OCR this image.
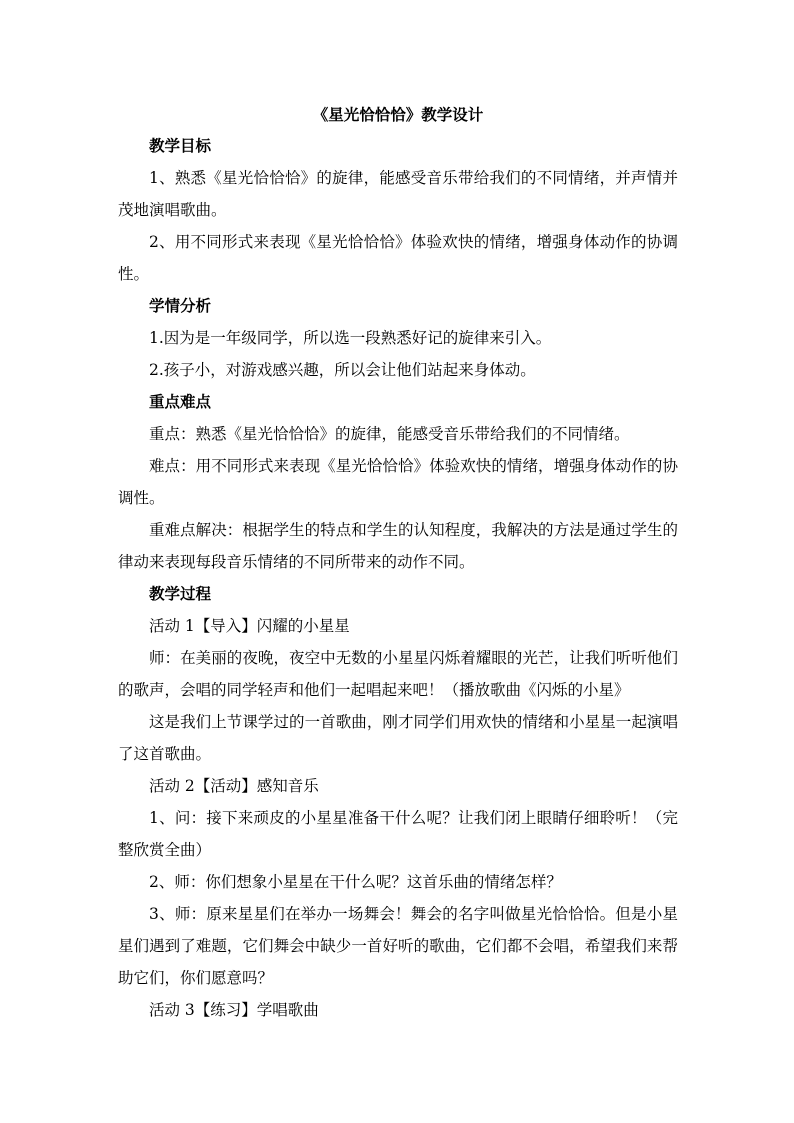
《星光恰恰恰》教学设计

教学目标

1、熟悉《星光恰恰恰》的旋律，能感受音乐带给我们的不同情绪，并声情并茂地演唱歌曲。

2、用不同形式来表现《星光恰恰恰》体验欢快的情绪，增强身体动作的协调性。

学情分析

1.因为是一年级同学，所以选一段熟悉好记的旋律来引入。

2.孩子小，对游戏感兴趣，所以会让他们站起来身体动。

重点难点

重点：熟悉《星光恰恰恰》的旋律，能感受音乐带给我们的不同情绪。

难点：用不同形式来表现《星光恰恰恰》体验欢快的情绪，增强身体动作的协调性。

重难点解决：根据学生的特点和学生的认知程度，我解决的方法是通过学生的律动来表现每段音乐情绪的不同所带来的动作不同。

教学过程

活动 1【导入】闪耀的小星星

师：在美丽的夜晚，夜空中无数的小星星闪烁着耀眼的光芒，让我们听听他们的歌声，会唱的同学轻声和他们一起唱起来吧！（播放歌曲《闪烁的小星》

这是我们上节课学过的一首歌曲，刚才同学们用欢快的情绪和小星星一起演唱了这首歌曲。

活动 2【活动】感知音乐

1、问：接下来顽皮的小星星准备干什么呢？让我们闭上眼睛仔细聆听！（完整欣赏全曲）

2、师：你们想象小星星在干什么呢？这首乐曲的情绪怎样？

3、师：原来星星们在举办一场舞会！舞会的名字叫做星光恰恰恰。但是小星星们遇到了难题，它们舞会中缺少一首好听的歌曲，它们都不会唱，希望我们来帮助它们，你们愿意吗？

活动 3【练习】学唱歌曲
